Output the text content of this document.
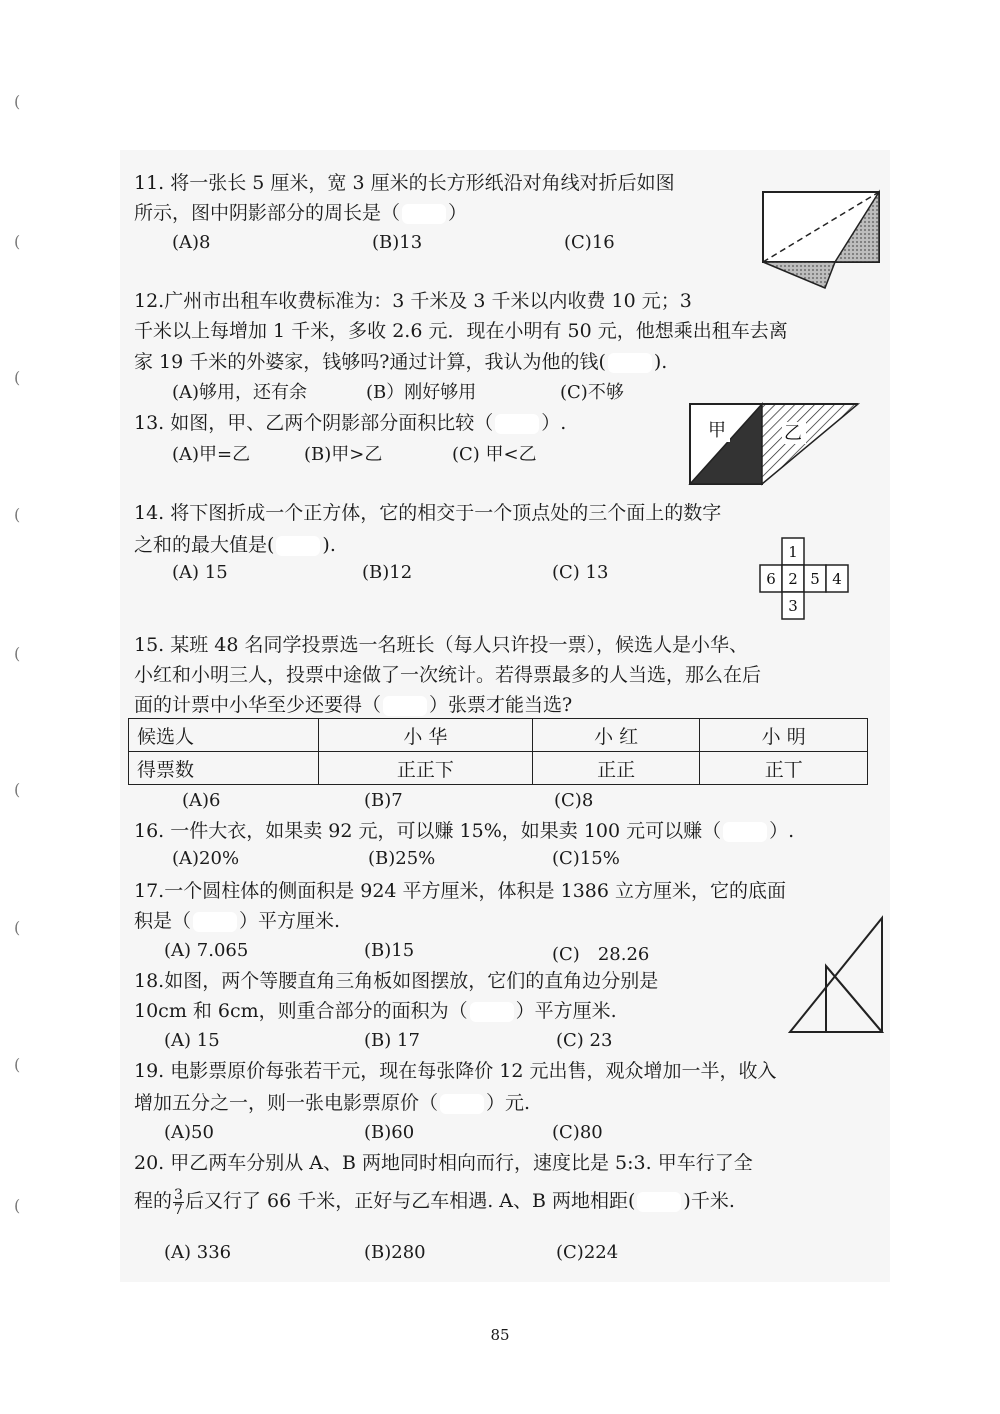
(
(
(
(
(
(
(
(
(
11. 将一张长 5 厘米，宽 3 厘米的长方形纸沿对角线对折后如图
所示，图中阴影部分的周长是（	）
(A)8	(B)13	(C)16
12.广州市出租车收费标准为：3 千米及 3 千米以内收费 10 元；3
千米以上每增加 1 千米，多收 2.6 元．现在小明有 50 元，他想乘出租车去离
家 19 千米的外婆家，钱够吗?通过计算，我认为他的钱(	).
(A)够用，还有余	(B）刚好够用	(C)不够
13. 如图，甲、乙两个阴影部分面积比较（	）.
(A)甲=乙	(B)甲>乙	(C) 甲<乙
甲	乙
14. 将下图折成一个正方体，它的相交于一个顶点处的三个面上的数字
之和的最大值是(	).
(A) 15	(B)12	(C) 13
1
6 2 5 4
3
15. 某班 48 名同学投票选一名班长（每人只许投一票），候选人是小华、
小红和小明三人，投票中途做了一次统计。若得票最多的人当选，那么在后
面的计票中小华至少还要得（	）张票才能当选?
候选人	小 华	小 红	小 明
得票数	正正下	正正	正丅
(A)6	(B)7	(C)8
16. 一件大衣，如果卖 92 元，可以赚 15%，如果卖 100 元可以赚（	）.
(A)20%	(B)25%	(C)15%
17.一个圆柱体的侧面积是 924 平方厘米，体积是 1386 立方厘米，它的底面
积是（	）平方厘米.
(A) 7.065	(B)15	(C)　28.26
18.如图，两个等腰直角三角板如图摆放，它们的直角边分别是
10cm 和 6cm，则重合部分的面积为（	）平方厘米.
(A) 15	(B) 17	(C) 23
19. 电影票原价每张若干元，现在每张降价 12 元出售，观众增加一半，收入
增加五分之一，则一张电影票原价（	）元.
(A)50	(B)60	(C)80
20. 甲乙两车分别从 A、B 两地同时相向而行，速度比是 5:3. 甲车行了全
程的 $\frac{3}{7}$ 后又行了 66 千米，正好与乙车相遇. A、B 两地相距(	)千米.
(A) 336	(B)280	(C)224
85
